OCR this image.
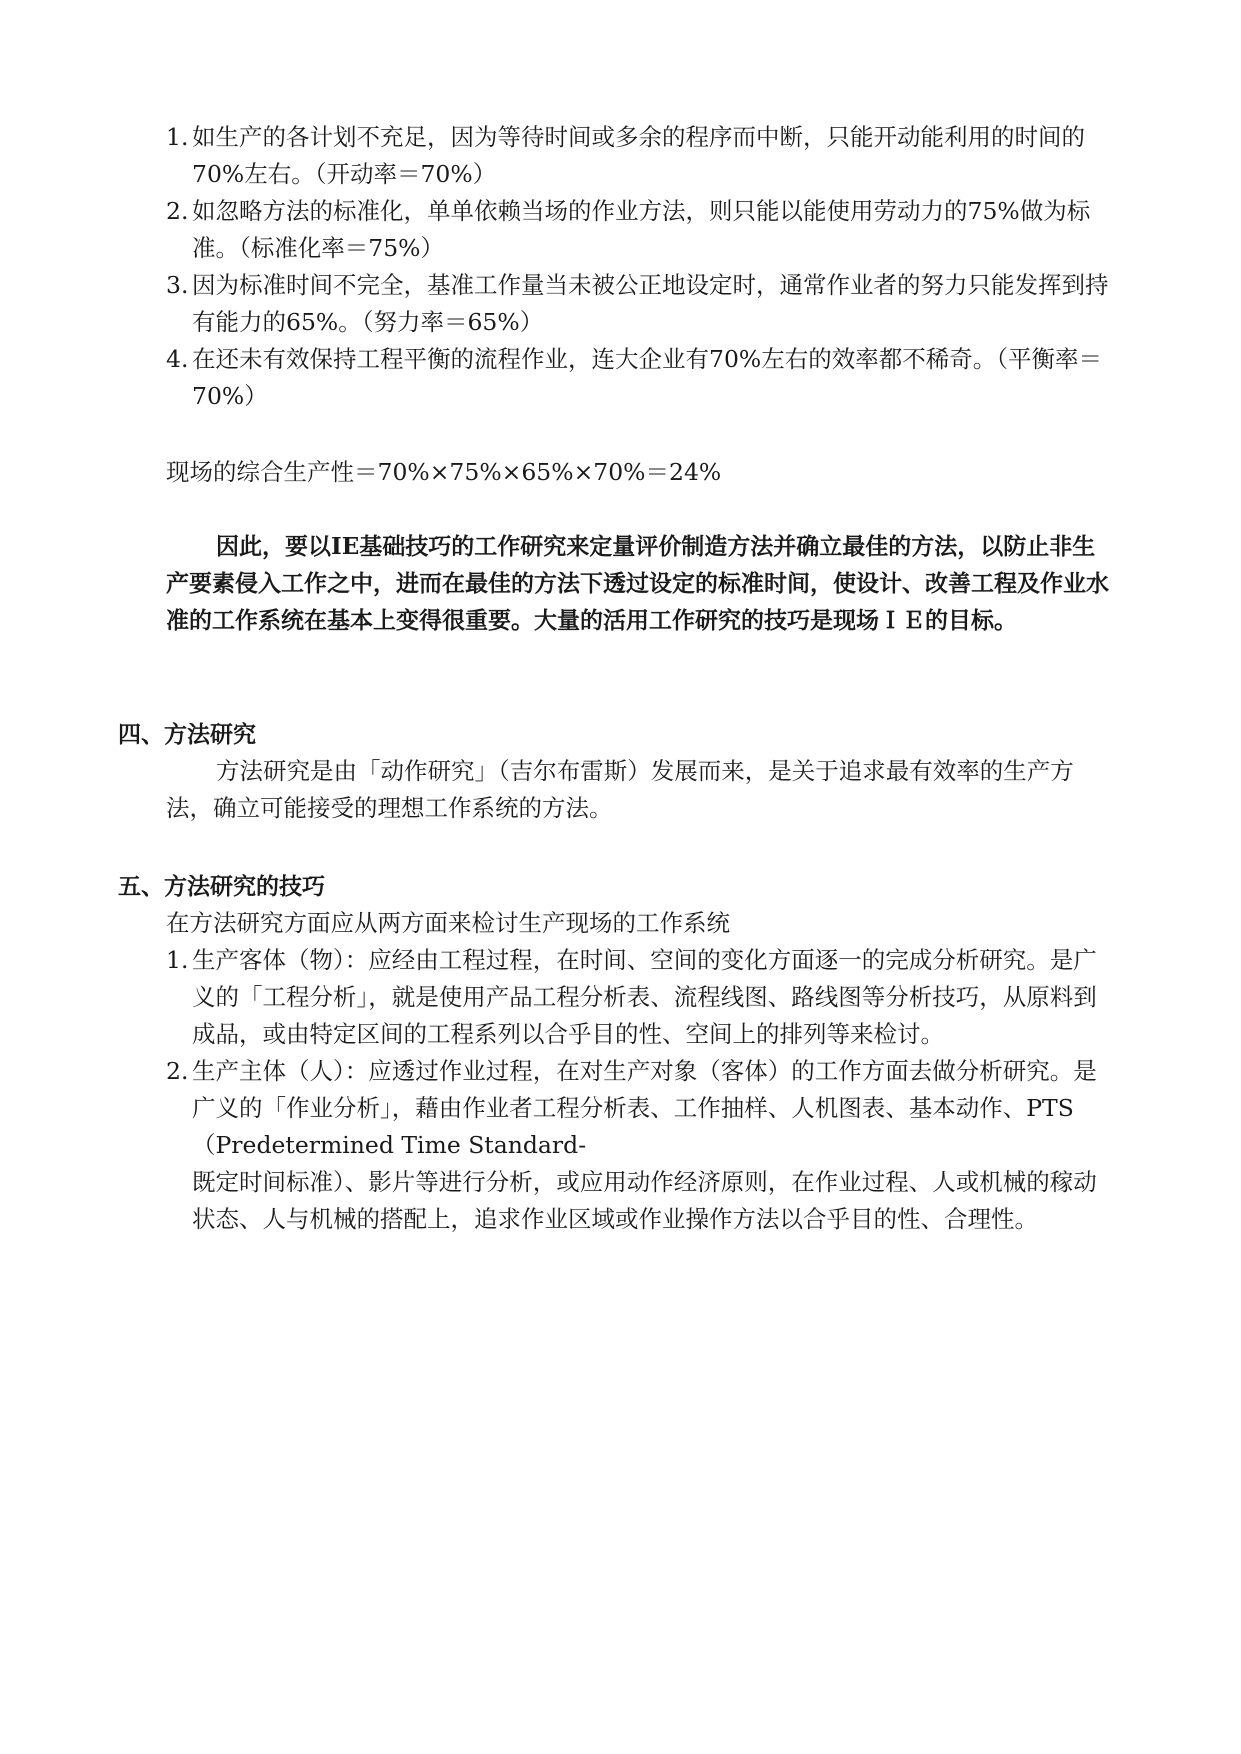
1. 如生产的各计划不充足，因为等待时间或多余的程序而中断，只能开动能利用的时间的70%左右。（开动率＝70%）
2. 如忽略方法的标准化，单单依赖当场的作业方法，则只能以能使用劳动力的75%做为标准。（标准化率＝75%）
3. 因为标准时间不完全，基准工作量当未被公正地设定时，通常作业者的努力只能发挥到持有能力的65%。（努力率＝65%）
4. 在还未有效保持工程平衡的流程作业，连大企业有70%左右的效率都不稀奇。（平衡率＝70%）
现场的综合生产性＝70%×75%×65%×70%＝24%
因此，要以IE基础技巧的工作研究来定量评价制造方法并确立最佳的方法，以防止非生产要素侵入工作之中，进而在最佳的方法下透过设定的标准时间，使设计、改善工程及作业水准的工作系统在基本上变得很重要。大量的活用工作研究的技巧是现场ＩＥ的目标。
四、方法研究
方法研究是由「动作研究」（吉尔布雷斯）发展而来，是关于追求最有效率的生产方法，确立可能接受的理想工作系统的方法。
五、方法研究的技巧
在方法研究方面应从两方面来检讨生产现场的工作系统
1. 生产客体（物）：应经由工程过程，在时间、空间的变化方面逐一的完成分析研究。是广义的「工程分析」，就是使用产品工程分析表、流程线图、路线图等分析技巧，从原料到成品，或由特定区间的工程系列以合乎目的性、空间上的排列等来检讨。
2. 生产主体（人）：应透过作业过程，在对生产对象（客体）的工作方面去做分析研究。是广义的「作业分析」，藉由作业者工程分析表、工作抽样、人机图表、基本动作、PTS（Predetermined Time Standard-
既定时间标准）、影片等进行分析，或应用动作经济原则，在作业过程、人或机械的稼动状态、人与机械的搭配上，追求作业区域或作业操作方法以合乎目的性、合理性。
